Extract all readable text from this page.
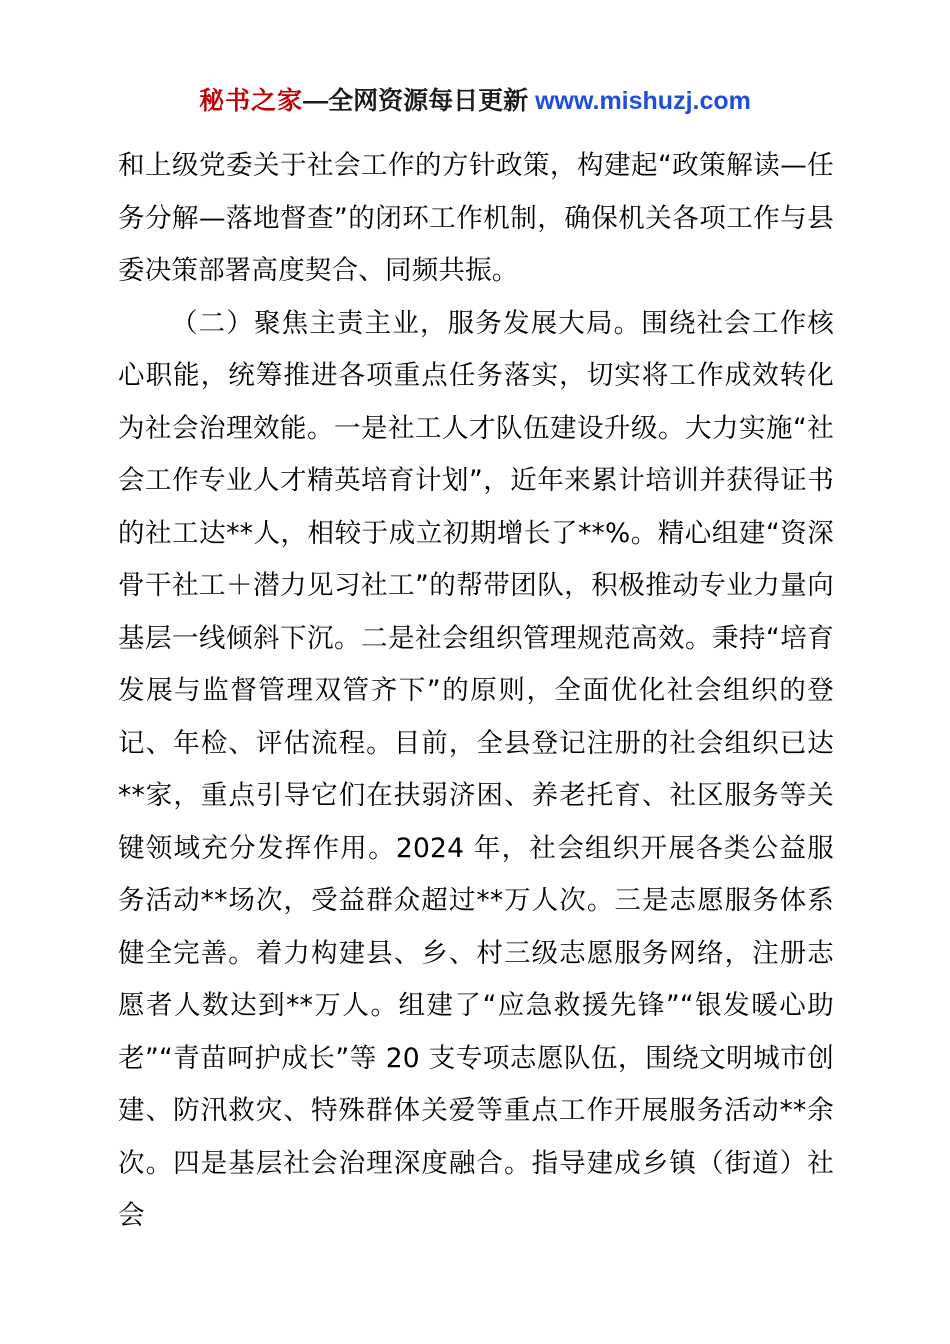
秘书之家—全网资源每日更新 www.mishuzj.com

和上级党委关于社会工作的方针政策，构建起“政策解读—任务分解—落地督查”的闭环工作机制，确保机关各项工作与县委决策部署高度契合、同频共振。

（二）聚焦主责主业，服务发展大局。围绕社会工作核心职能，统筹推进各项重点任务落实，切实将工作成效转化为社会治理效能。一是社工人才队伍建设升级。大力实施“社会工作专业人才精英培育计划”，近年来累计培训并获得证书的社工达**人，相较于成立初期增长了**%。精心组建“资深骨干社工＋潜力见习社工”的帮带团队，积极推动专业力量向基层一线倾斜下沉。二是社会组织管理规范高效。秉持“培育发展与监督管理双管齐下”的原则，全面优化社会组织的登记、年检、评估流程。目前，全县登记注册的社会组织已达**家，重点引导它们在扶弱济困、养老托育、社区服务等关键领域充分发挥作用。2024 年，社会组织开展各类公益服务活动**场次，受益群众超过**万人次。三是志愿服务体系健全完善。着力构建县、乡、村三级志愿服务网络，注册志愿者人数达到**万人。组建了“应急救援先锋”“银发暖心助老”“青苗呵护成长”等 20 支专项志愿队伍，围绕文明城市创建、防汛救灾、特殊群体关爱等重点工作开展服务活动**余次。四是基层社会治理深度融合。指导建成乡镇（街道）社会
